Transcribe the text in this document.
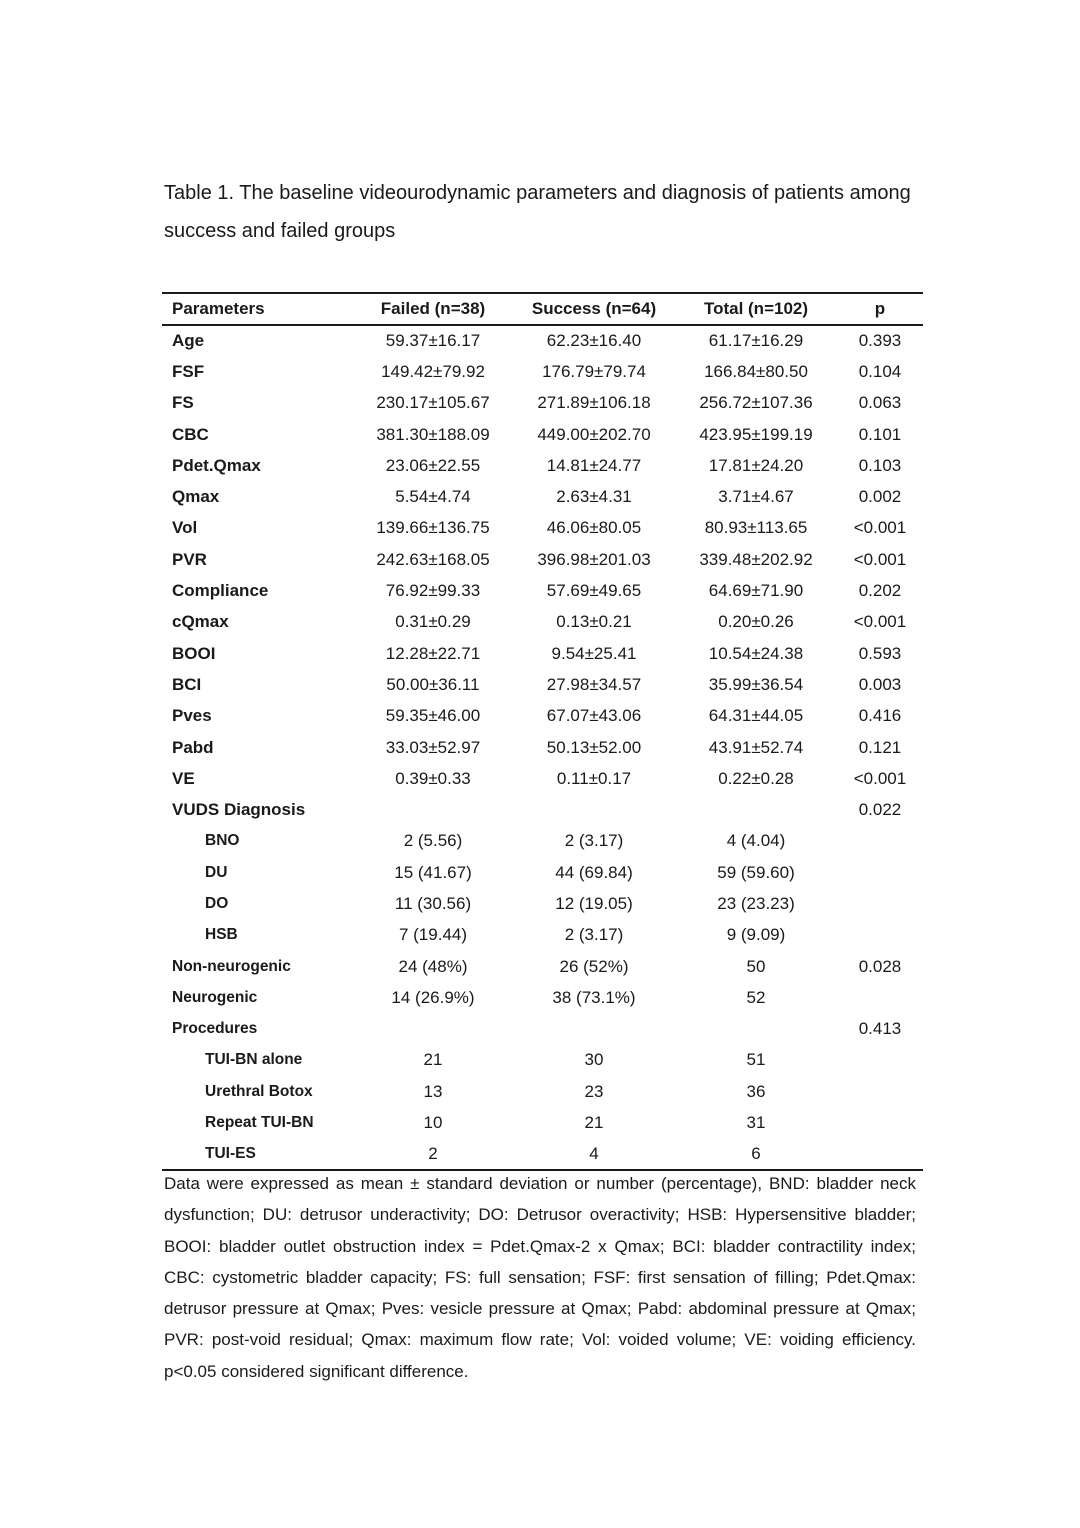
Table 1. The baseline videourodynamic parameters and diagnosis of patients among success and failed groups

Parameters	Failed (n=38)	Success (n=64)	Total (n=102)	p
Age	59.37±16.17	62.23±16.40	61.17±16.29	0.393
FSF	149.42±79.92	176.79±79.74	166.84±80.50	0.104
FS	230.17±105.67	271.89±106.18	256.72±107.36	0.063
CBC	381.30±188.09	449.00±202.70	423.95±199.19	0.101
Pdet.Qmax	23.06±22.55	14.81±24.77	17.81±24.20	0.103
Qmax	5.54±4.74	2.63±4.31	3.71±4.67	0.002
Vol	139.66±136.75	46.06±80.05	80.93±113.65	<0.001
PVR	242.63±168.05	396.98±201.03	339.48±202.92	<0.001
Compliance	76.92±99.33	57.69±49.65	64.69±71.90	0.202
cQmax	0.31±0.29	0.13±0.21	0.20±0.26	<0.001
BOOI	12.28±22.71	9.54±25.41	10.54±24.38	0.593
BCI	50.00±36.11	27.98±34.57	35.99±36.54	0.003
Pves	59.35±46.00	67.07±43.06	64.31±44.05	0.416
Pabd	33.03±52.97	50.13±52.00	43.91±52.74	0.121
VE	0.39±0.33	0.11±0.17	0.22±0.28	<0.001
VUDS Diagnosis				0.022
BNO	2 (5.56)	2 (3.17)	4 (4.04)	
DU	15 (41.67)	44 (69.84)	59 (59.60)	
DO	11 (30.56)	12 (19.05)	23 (23.23)	
HSB	7 (19.44)	2 (3.17)	9 (9.09)	
Non-neurogenic	24 (48%)	26 (52%)	50	0.028
Neurogenic	14 (26.9%)	38 (73.1%)	52	
Procedures				0.413
TUI-BN alone	21	30	51	
Urethral Botox	13	23	36	
Repeat TUI-BN	10	21	31	
TUI-ES	2	4	6	

Data were expressed as mean ± standard deviation or number (percentage), BND: bladder neck dysfunction; DU: detrusor underactivity; DO: Detrusor overactivity; HSB: Hypersensitive bladder; BOOI: bladder outlet obstruction index = Pdet.Qmax-2 x Qmax; BCI: bladder contractility index; CBC: cystometric bladder capacity; FS: full sensation; FSF: first sensation of filling; Pdet.Qmax: detrusor pressure at Qmax; Pves: vesicle pressure at Qmax; Pabd: abdominal pressure at Qmax; PVR: post-void residual; Qmax: maximum flow rate; Vol: voided volume; VE: voiding efficiency. p<0.05 considered significant difference.
